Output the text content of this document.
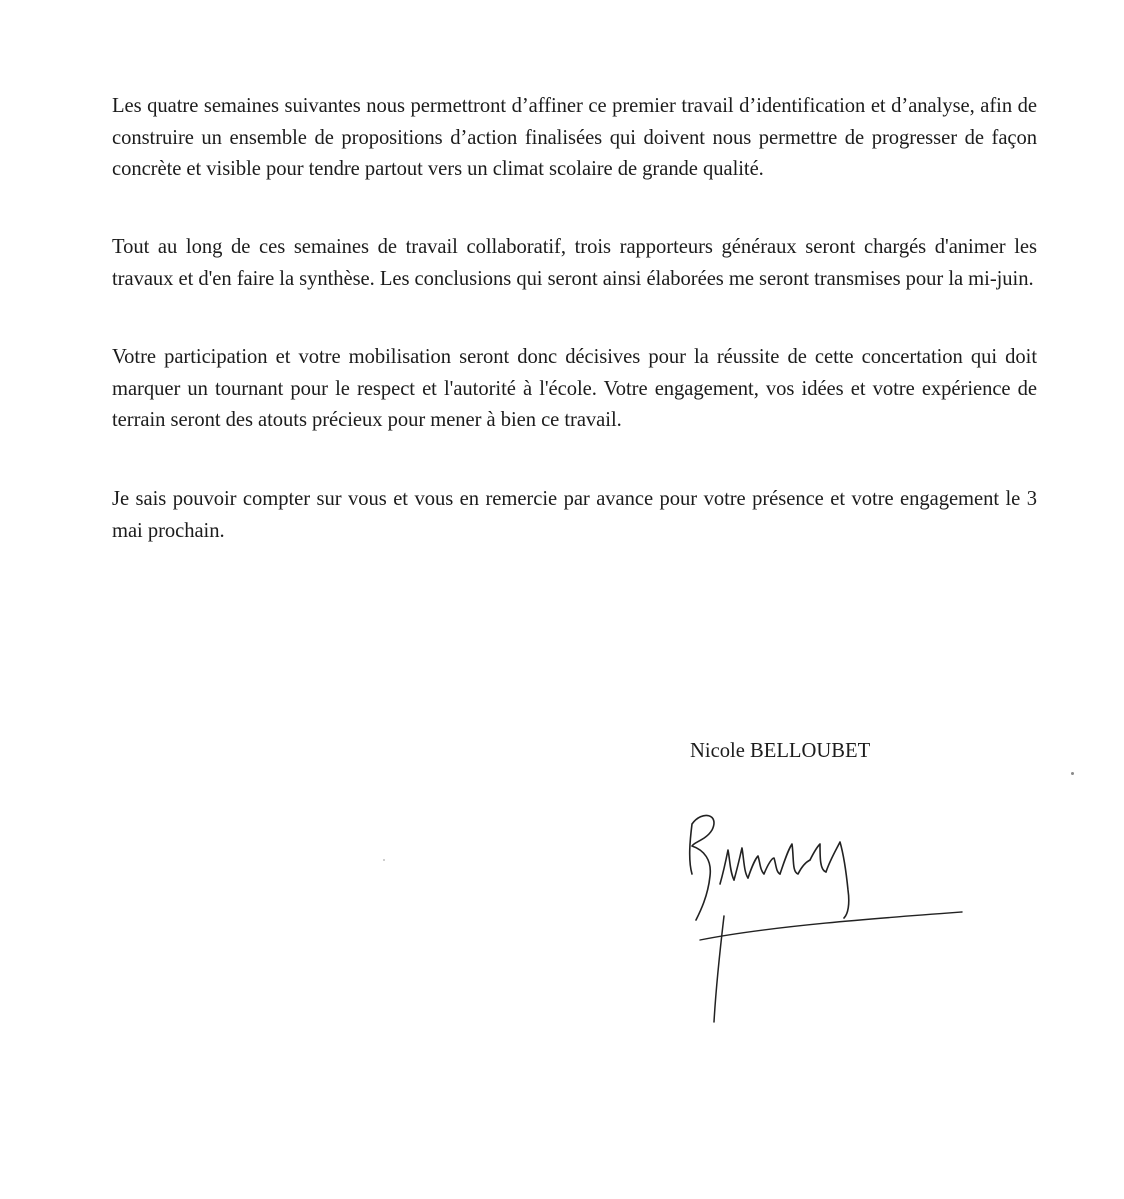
Les quatre semaines suivantes nous permettront d’affiner ce premier travail d’identification et d’analyse, afin de construire un ensemble de propositions d’action finalisées qui doivent nous permettre de progresser de façon concrète et visible pour tendre partout vers un climat scolaire de grande qualité.

Tout au long de ces semaines de travail collaboratif, trois rapporteurs généraux seront chargés d'animer les travaux et d'en faire la synthèse. Les conclusions qui seront ainsi élaborées me seront transmises pour la mi-juin.

Votre participation et votre mobilisation seront donc décisives pour la réussite de cette concertation qui doit marquer un tournant pour le respect et l'autorité à l'école. Votre engagement, vos idées et votre expérience de terrain seront des atouts précieux pour mener à bien ce travail.

Je sais pouvoir compter sur vous et vous en remercie par avance pour votre présence et votre engagement le 3 mai prochain.

Nicole BELLOUBET
